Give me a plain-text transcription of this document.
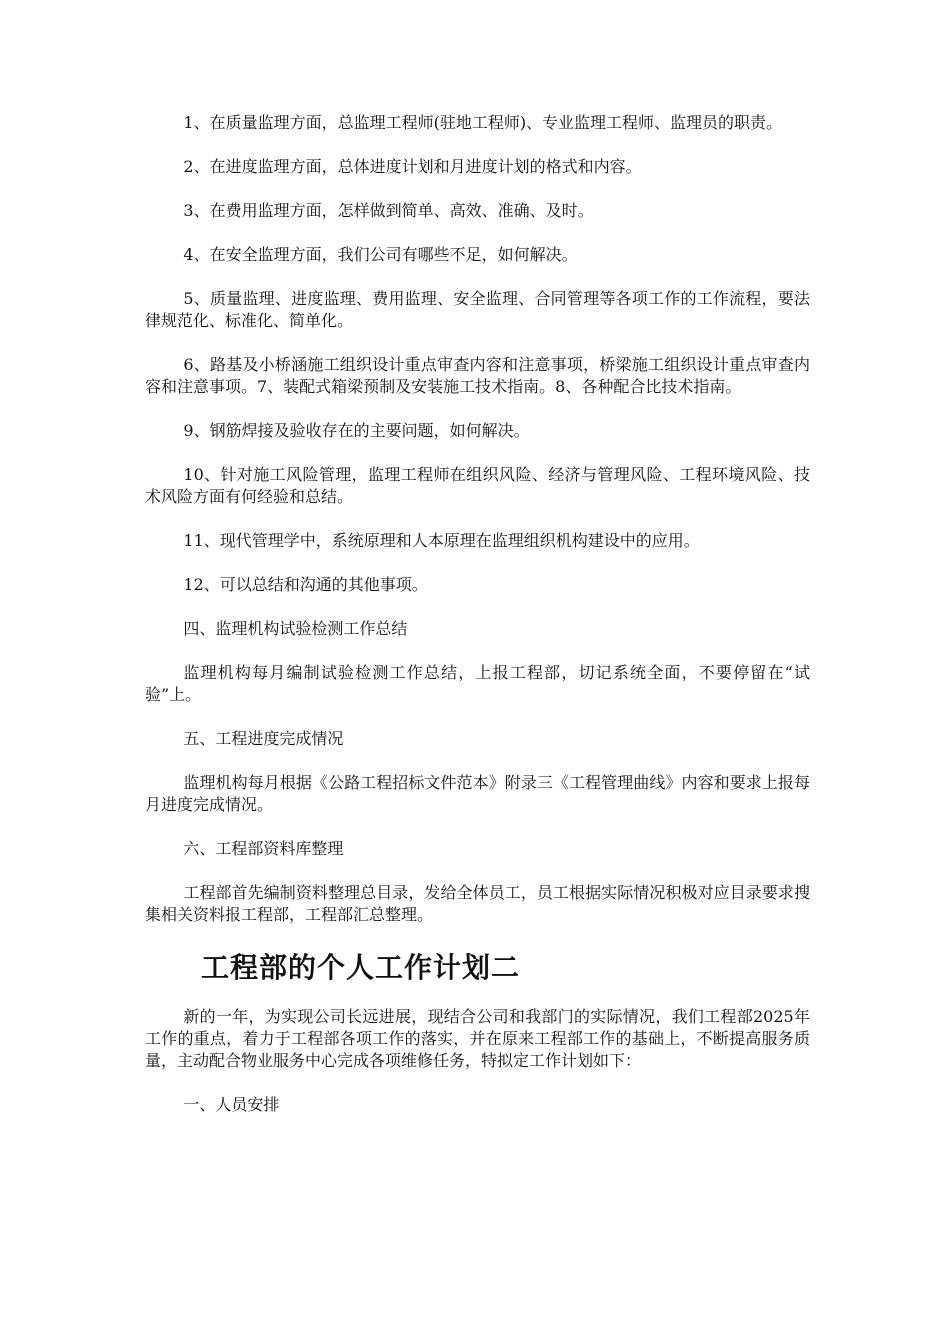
1、在质量监理方面，总监理工程师(驻地工程师)、专业监理工程师、监理员的职责。

2、在进度监理方面，总体进度计划和月进度计划的格式和内容。

3、在费用监理方面，怎样做到简单、高效、准确、及时。

4、在安全监理方面，我们公司有哪些不足，如何解决。

5、质量监理、进度监理、费用监理、安全监理、合同管理等各项工作的工作流程，要法律规范化、标准化、简单化。

6、路基及小桥涵施工组织设计重点审查内容和注意事项，桥梁施工组织设计重点审查内容和注意事项。7、装配式箱梁预制及安装施工技术指南。8、各种配合比技术指南。

9、钢筋焊接及验收存在的主要问题，如何解决。

10、针对施工风险管理，监理工程师在组织风险、经济与管理风险、工程环境风险、技术风险方面有何经验和总结。

11、现代管理学中，系统原理和人本原理在监理组织机构建设中的应用。

12、可以总结和沟通的其他事项。

四、监理机构试验检测工作总结

监理机构每月编制试验检测工作总结，上报工程部，切记系统全面，不要停留在“试验”上。

五、工程进度完成情况

监理机构每月根据《公路工程招标文件范本》附录三《工程管理曲线》内容和要求上报每月进度完成情况。

六、工程部资料库整理

工程部首先编制资料整理总目录，发给全体员工，员工根据实际情况积极对应目录要求搜集相关资料报工程部，工程部汇总整理。

工程部的个人工作计划二

新的一年，为实现公司长远进展，现结合公司和我部门的实际情况，我们工程部2025年工作的重点，着力于工程部各项工作的落实，并在原来工程部工作的基础上，不断提高服务质量，主动配合物业服务中心完成各项维修任务，特拟定工作计划如下：

一、人员安排
